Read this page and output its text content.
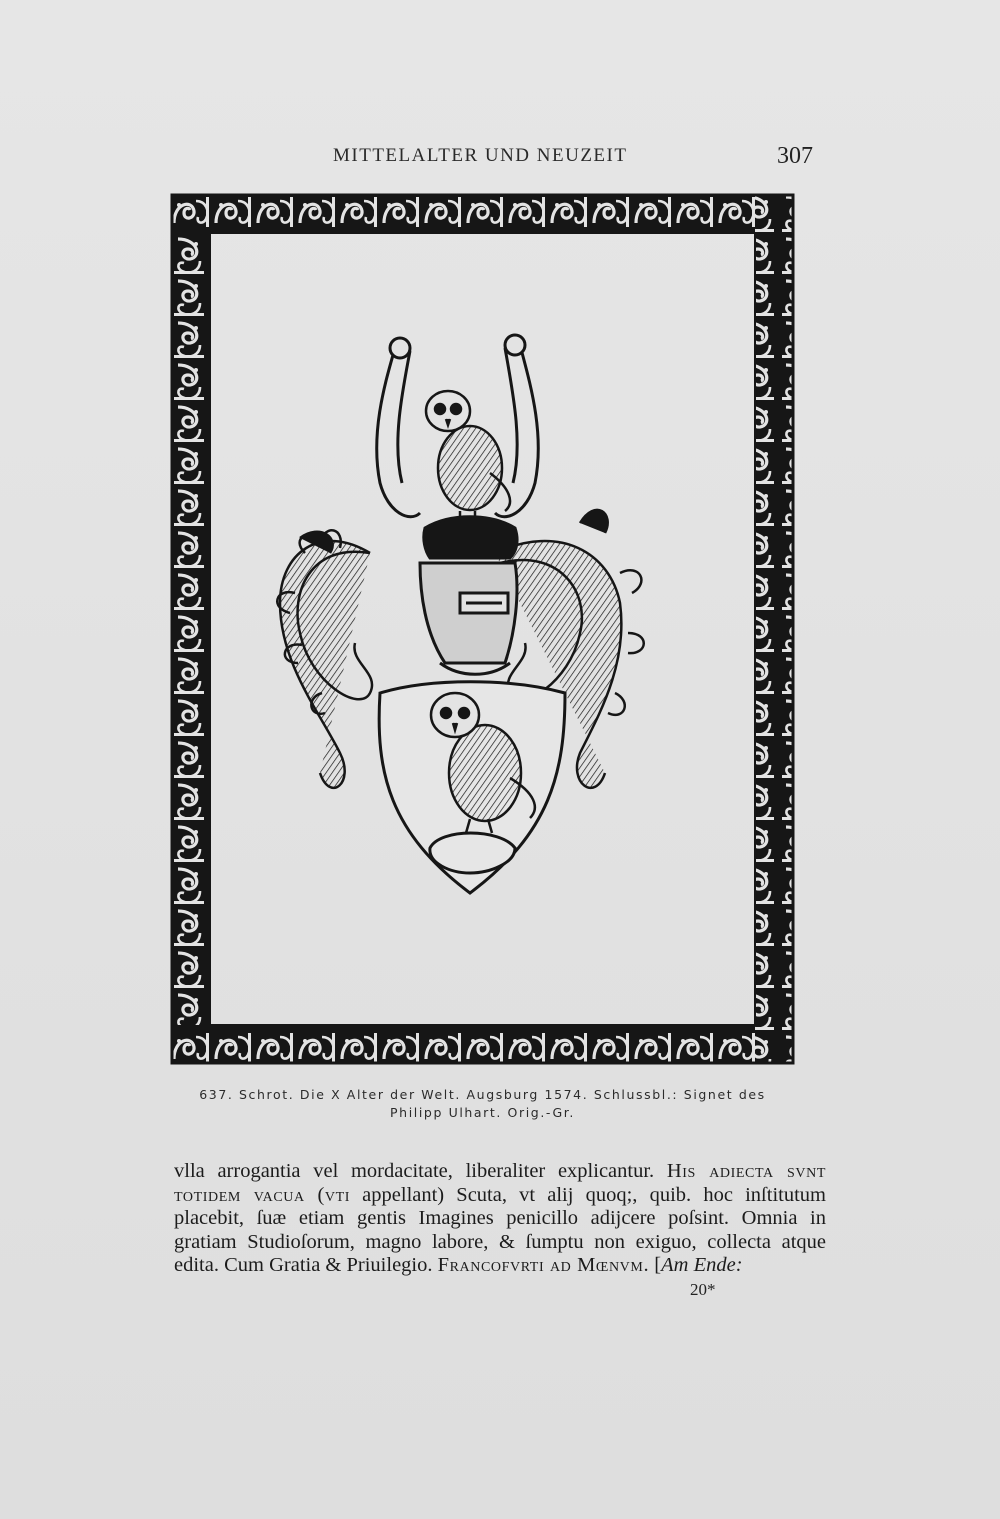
MITTELALTER UND NEUZEIT	307
637. Schrot. Die X Alter der Welt. Augsburg 1574. Schlussbl.: Signet des
Philipp Ulhart. Orig.-Gr.
vlla arrogantia vel mordacitate, liberaliter explicantur. His adiecta svnt totidem vacua (vti appellant) Scuta, vt alij quoq;, quib. hoc inſtitutum placebit, ſuæ etiam gentis Imagines penicillo adijcere poſsint. Omnia in gratiam Studioſorum, magno labore, & ſumptu non exiguo, collecta atque edita. Cum Gratia & Priuilegio. Francofvrti ad Mœnvm. [Am Ende:
20*
